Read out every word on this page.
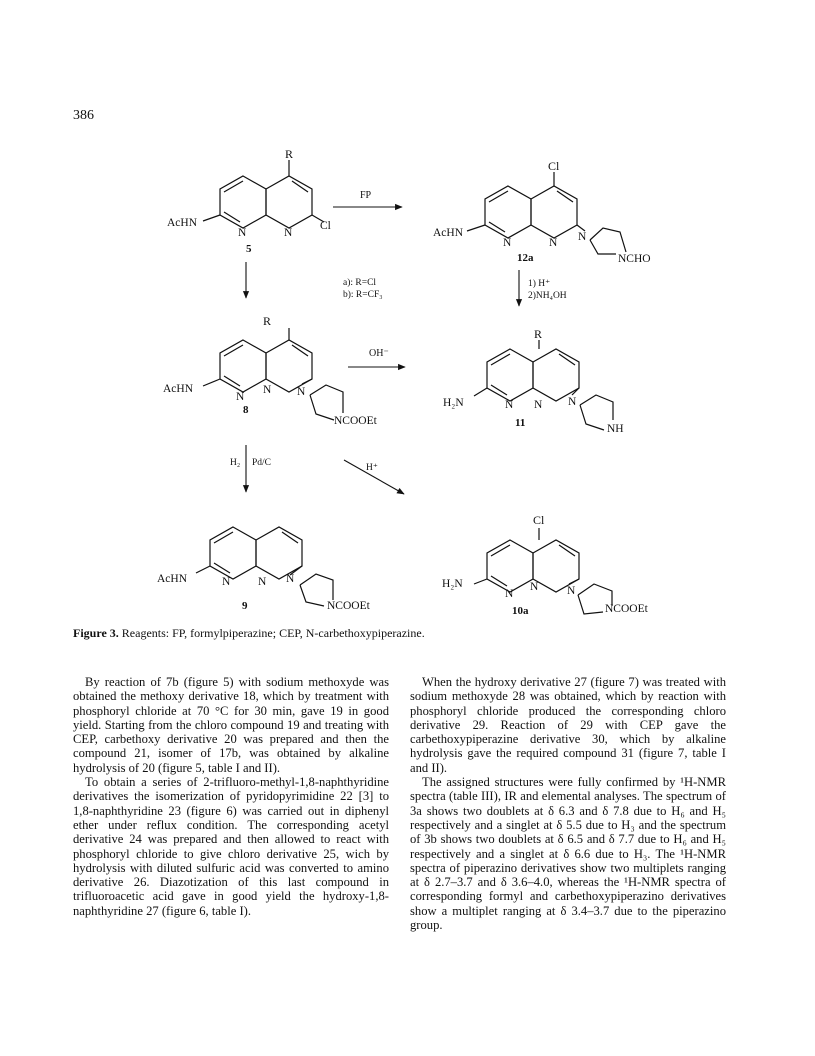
386
R
AcHN
N	N
Cl
5
FP
Cl
AcHN
N	N N
NCHO
12a
a): R=Cl
b): R=CF₃
1) H⁺
2)NH₄OH
R
AcHN
N
N N
NCOOEt
8
OH⁻
R
H₂N	N N N
NH
11
H₂ Pd/C	H⁺
AcHN	N N N
NCOOEt
9
Cl
H₂N
N
N N
NCOOEt
10a
Figure 3. Reagents: FP, formylpiperazine; CEP, N-carbethoxypiperazine.

By reaction of 7b (figure 5) with sodium methoxyde was obtained the methoxy derivative 18, which by treatment with phosphoryl chloride at 70 °C for 30 min, gave 19 in good yield. Starting from the chloro compound 19 and treating with CEP, carbethoxy derivative 20 was prepared and then the compound 21, isomer of 17b, was obtained by alkaline hydrolysis of 20 (figure 5, table I and II).

To obtain a series of 2-trifluoro-methyl-1,8-naphthyridine derivatives the isomerization of pyridopyrimidine 22 [3] to 1,8-naphthyridine 23 (figure 6) was carried out in diphenyl ether under reflux condition. The corresponding acetyl derivative 24 was prepared and then allowed to react with phosphoryl chloride to give chloro derivative 25, wich by hydrolysis with diluted sulfuric acid was converted to amino derivative 26. Diazotization of this last compound in trifluoroacetic acid gave in good yield the hydroxy-1,8-naphthyridine 27 (figure 6, table I).

When the hydroxy derivative 27 (figure 7) was treated with sodium methoxyde 28 was obtained, which by reaction with phosphoryl chloride produced the corresponding chloro derivative 29. Reaction of 29 with CEP gave the carbethoxypiperazine derivative 30, which by alkaline hydrolysis gave the required compound 31 (figure 7, table I and II).

The assigned structures were fully confirmed by ¹H-NMR spectra (table III), IR and elemental analyses. The spectrum of 3a shows two doublets at δ 6.3 and δ 7.8 due to H₆ and H₅ respectively and a singlet at δ 5.5 due to H₃ and the spectrum of 3b shows two doublets at δ 6.5 and δ 7.7 due to H₆ and H₅ respectively and a singlet at δ 6.6 due to H₃. The ¹H-NMR spectra of piperazino derivatives show two multiplets ranging at δ 2.7–3.7 and δ 3.6–4.0, whereas the ¹H-NMR spectra of corresponding formyl and carbethoxypiperazino derivatives show a multiplet ranging at δ 3.4–3.7 due to the piperazino group.
